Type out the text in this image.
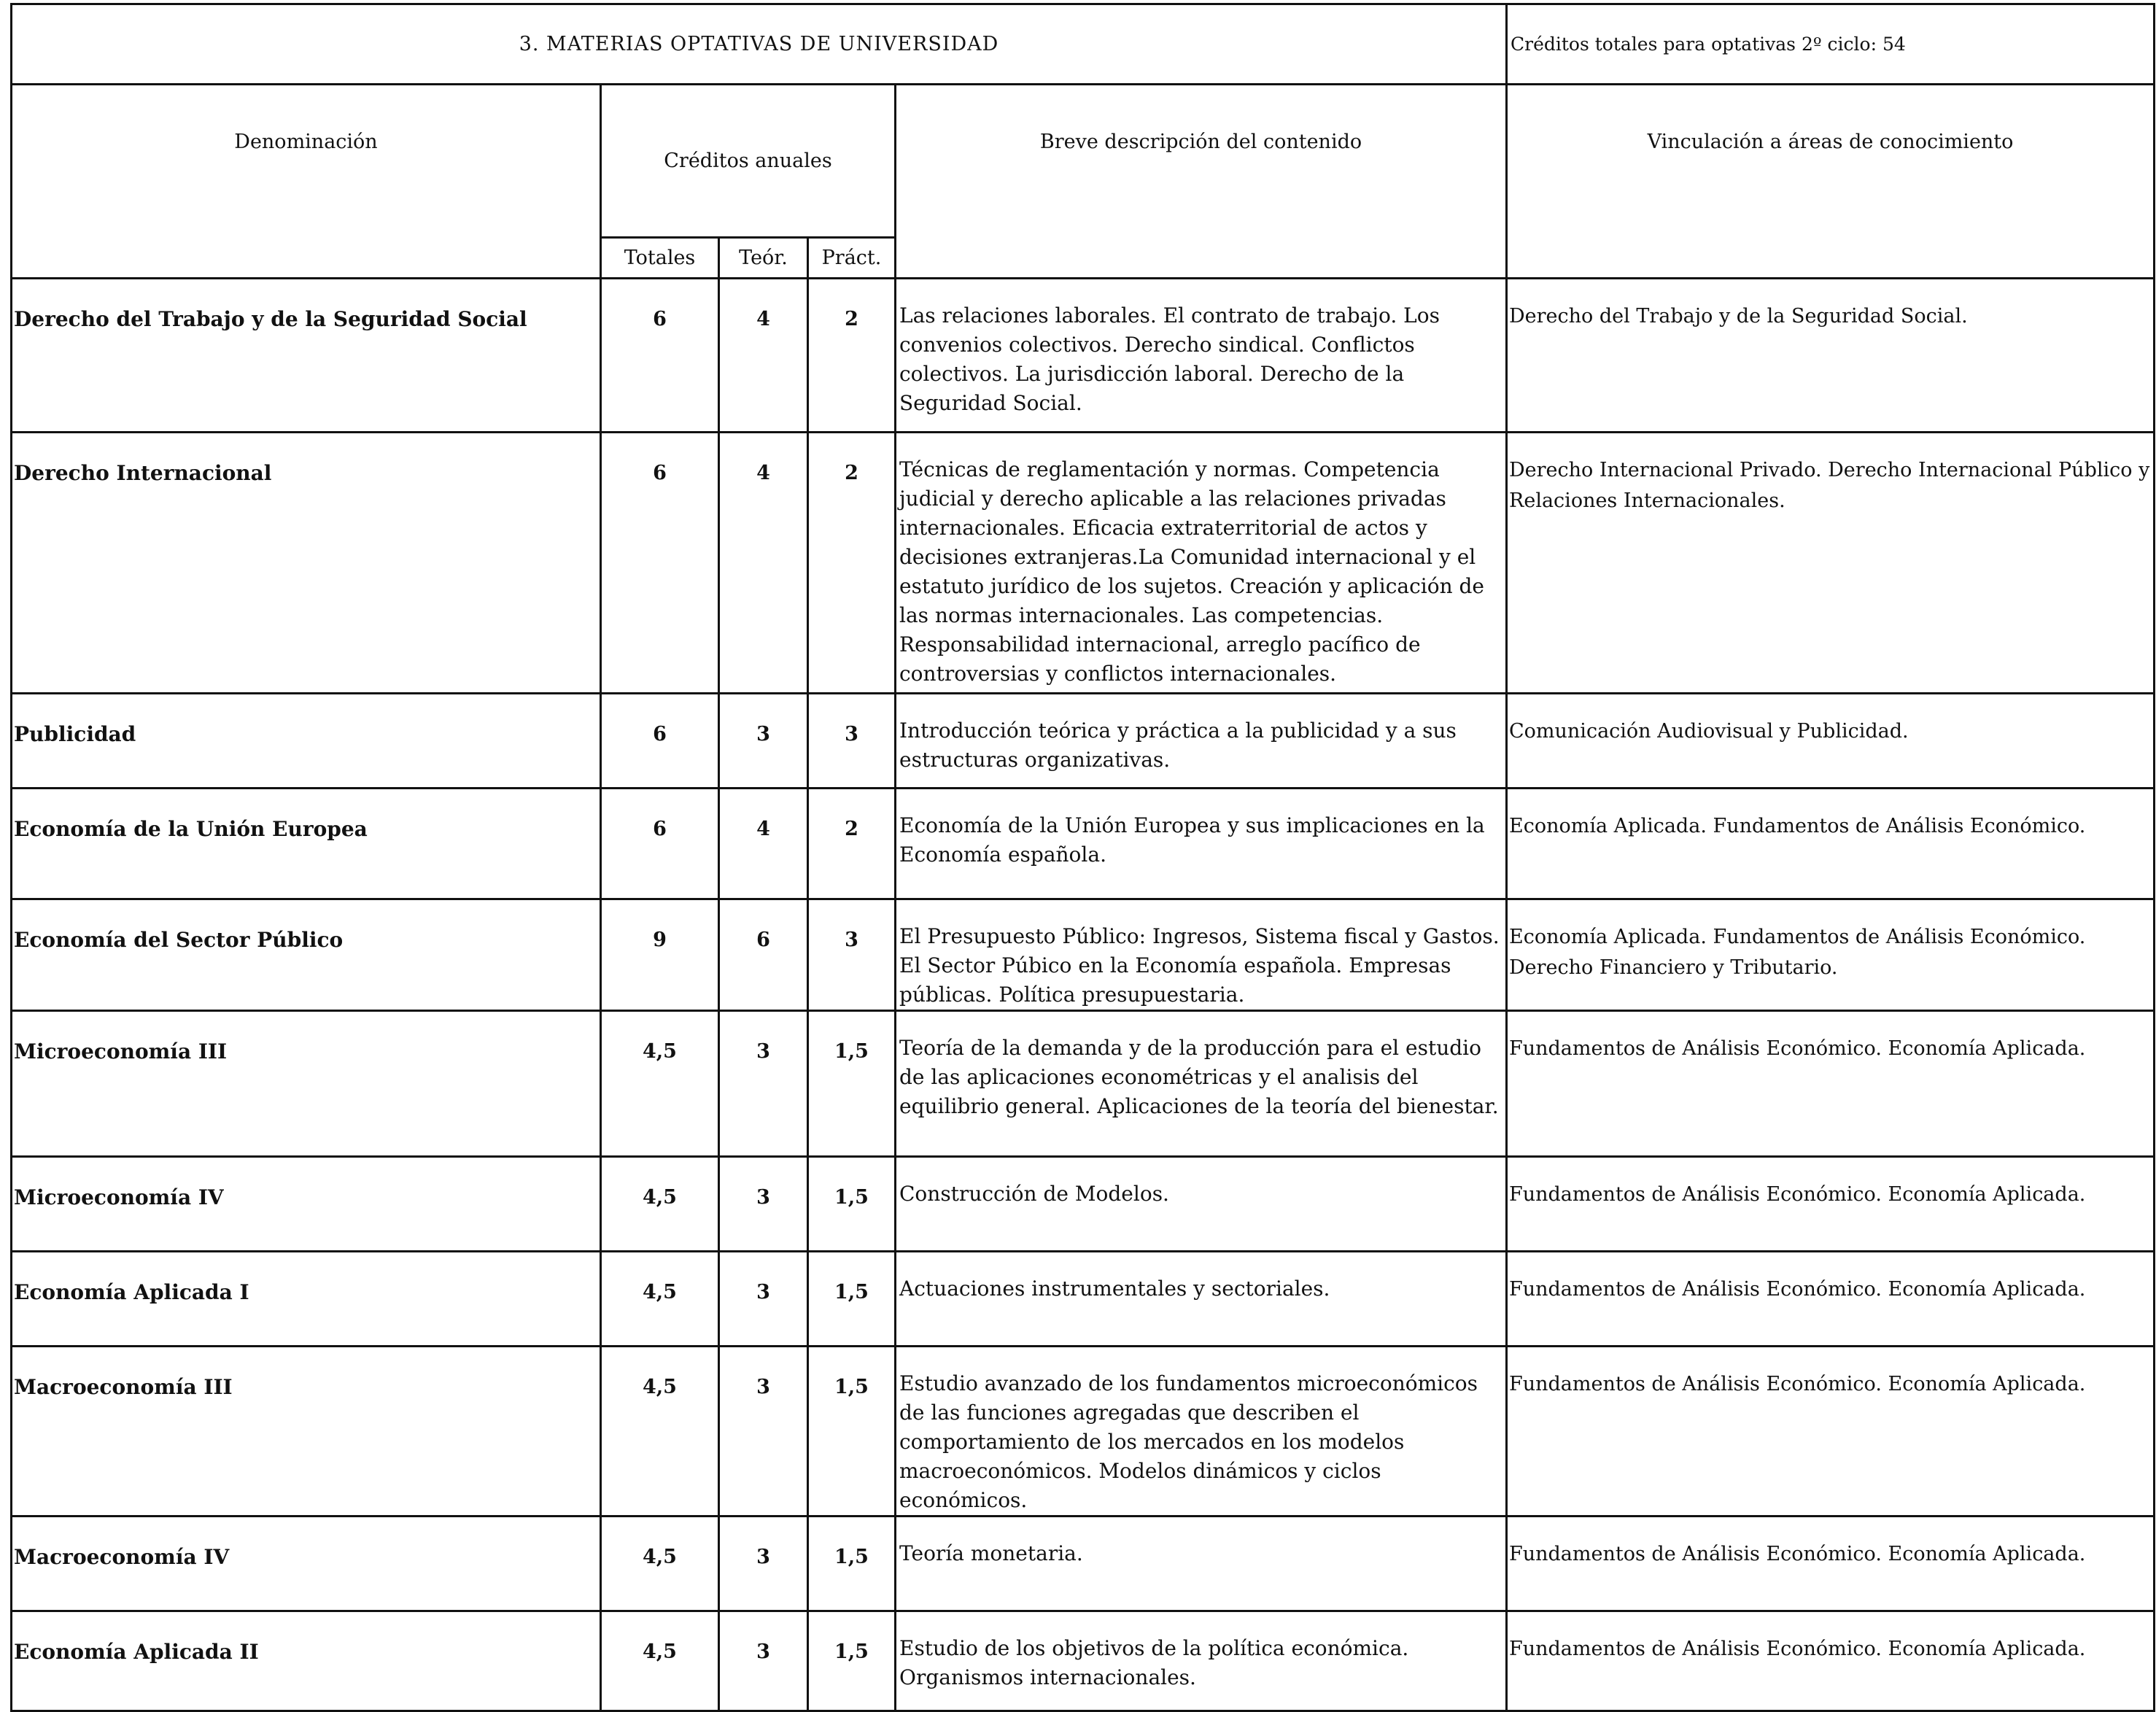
3. MATERIAS OPTATIVAS DE UNIVERSIDAD					Créditos totales para optativas 2º ciclo: 54
Denominación	Créditos anuales			Breve descripción del contenido	Vinculación a áreas de conocimiento
	Totales	Teór.	Práct.		
Derecho del Trabajo y de la Seguridad Social	6	4	2	Las relaciones laborales. El contrato de trabajo. Los convenios colectivos. Derecho sindical. Conflictos colectivos. La jurisdicción laboral. Derecho de la Seguridad Social.	Derecho del Trabajo y de la Seguridad Social.
Derecho Internacional	6	4	2	Técnicas de reglamentación y normas. Competencia judicial y derecho aplicable a las relaciones privadas internacionales. Eficacia extraterritorial de actos y decisiones extranjeras.La Comunidad internacional y el estatuto jurídico de los sujetos. Creación y aplicación de las normas internacionales. Las competencias. Responsabilidad internacional, arreglo pacífico de controversias y conflictos internacionales.	Derecho Internacional Privado. Derecho Internacional Público y Relaciones Internacionales.
Publicidad	6	3	3	Introducción teórica y práctica a la publicidad y a sus estructuras organizativas.	Comunicación Audiovisual y Publicidad.
Economía de la Unión Europea	6	4	2	Economía de la Unión Europea y sus implicaciones en la Economía española.	Economía Aplicada. Fundamentos de Análisis Económico.
Economía del Sector Público	9	6	3	El Presupuesto Público: Ingresos, Sistema fiscal y Gastos. El Sector Púbico en la Economía española. Empresas públicas. Política presupuestaria.	Economía Aplicada. Fundamentos de Análisis Económico. Derecho Financiero y Tributario.
Microeconomía III	4,5	3	1,5	Teoría de la demanda y de la producción para el estudio de las aplicaciones econométricas y el analisis del equilibrio general. Aplicaciones de la teoría del bienestar.	Fundamentos de Análisis Económico. Economía Aplicada.
Microeconomía IV	4,5	3	1,5	Construcción de Modelos.	Fundamentos de Análisis Económico. Economía Aplicada.
Economía Aplicada I	4,5	3	1,5	Actuaciones instrumentales y sectoriales.	Fundamentos de Análisis Económico. Economía Aplicada.
Macroeconomía III	4,5	3	1,5	Estudio avanzado de los fundamentos microeconómicos de las funciones agregadas que describen el comportamiento de los mercados en los modelos macroeconómicos. Modelos dinámicos y ciclos económicos.	Fundamentos de Análisis Económico. Economía Aplicada.
Macroeconomía IV	4,5	3	1,5	Teoría monetaria.	Fundamentos de Análisis Económico. Economía Aplicada.
Economía Aplicada II	4,5	3	1,5	Estudio de los objetivos de la política económica. Organismos internacionales.	Fundamentos de Análisis Económico. Economía Aplicada.
